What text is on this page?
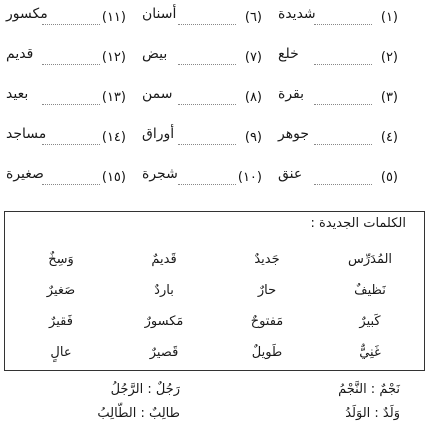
(١)
شديدة
(٢)
خلع
(٣)
بقرة
(٤)
جوهر
(٥)
عنق
(٦)
أسنان
(٧)
بيض
(٨)
سمن
(٩)
أوراق
(١٠)
شجرة
(١١)
مكسور
(١٢)
قديم
(١٣)
بعيد
(١٤)
مساجد
(١٥)
صغيرة
الكلمات الجديدة :
المُدَرِّس
نَظيفٌ
كَبيرٌ
غَنِيٌّ
جَديدٌ
حارٌ
مَفتوحٌ
طَويلٌ
قَديمٌ
باردٌ
مَكسورٌ
قَصيرٌ
وَسِخٌ
صَغيرٌ
فَقيرٌ
عالٍ
نَجْمٌ : النَّجْمُ
رَجُلٌ : الرَّجُلُ
وَلَدٌ : الوَلَدُ
طالِبٌ : الطّالِبُ
